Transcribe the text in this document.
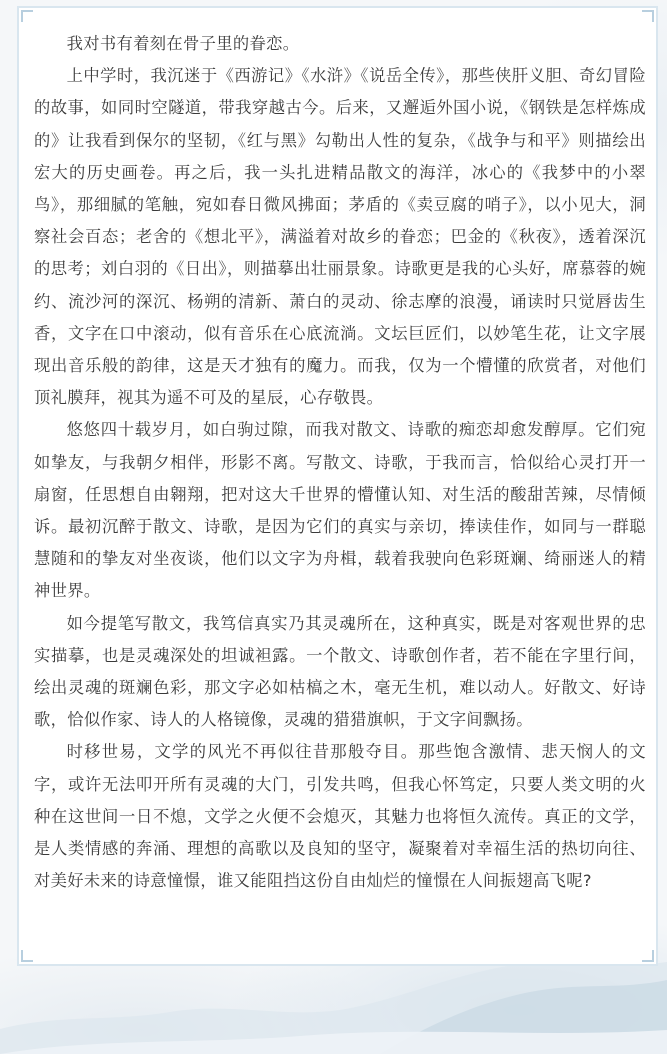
我对书有着刻在骨子里的眷恋。

上中学时，我沉迷于《西游记》《水浒》《说岳全传》，那些侠肝义胆、奇幻冒险的故事，如同时空隧道，带我穿越古今。后来，又邂逅外国小说，《钢铁是怎样炼成的》让我看到保尔的坚韧，《红与黑》勾勒出人性的复杂，《战争与和平》则描绘出宏大的历史画卷。再之后，我一头扎进精品散文的海洋，冰心的《我梦中的小翠鸟》，那细腻的笔触，宛如春日微风拂面；茅盾的《卖豆腐的哨子》，以小见大，洞察社会百态；老舍的《想北平》，满溢着对故乡的眷恋；巴金的《秋夜》，透着深沉的思考；刘白羽的《日出》，则描摹出壮丽景象。诗歌更是我的心头好，席慕蓉的婉约、流沙河的深沉、杨朔的清新、萧白的灵动、徐志摩的浪漫，诵读时只觉唇齿生香，文字在口中滚动，似有音乐在心底流淌。文坛巨匠们，以妙笔生花，让文字展现出音乐般的韵律，这是天才独有的魔力。而我，仅为一个懵懂的欣赏者，对他们顶礼膜拜，视其为遥不可及的星辰，心存敬畏。

悠悠四十载岁月，如白驹过隙，而我对散文、诗歌的痴恋却愈发醇厚。它们宛如挚友，与我朝夕相伴，形影不离。写散文、诗歌，于我而言，恰似给心灵打开一扇窗，任思想自由翱翔，把对这大千世界的懵懂认知、对生活的酸甜苦辣，尽情倾诉。最初沉醉于散文、诗歌，是因为它们的真实与亲切，捧读佳作，如同与一群聪慧随和的挚友对坐夜谈，他们以文字为舟楫，载着我驶向色彩斑斓、绮丽迷人的精神世界。

如今提笔写散文，我笃信真实乃其灵魂所在，这种真实，既是对客观世界的忠实描摹，也是灵魂深处的坦诚袒露。一个散文、诗歌创作者，若不能在字里行间，绘出灵魂的斑斓色彩，那文字必如枯槁之木，毫无生机，难以动人。好散文、好诗歌，恰似作家、诗人的人格镜像，灵魂的猎猎旗帜，于文字间飘扬。

时移世易，文学的风光不再似往昔那般夺目。那些饱含激情、悲天悯人的文字，或许无法叩开所有灵魂的大门，引发共鸣，但我心怀笃定，只要人类文明的火种在这世间一日不熄，文学之火便不会熄灭，其魅力也将恒久流传。真正的文学，是人类情感的奔涌、理想的高歌以及良知的坚守，凝聚着对幸福生活的热切向往、对美好未来的诗意憧憬，谁又能阻挡这份自由灿烂的憧憬在人间振翅高飞呢?
